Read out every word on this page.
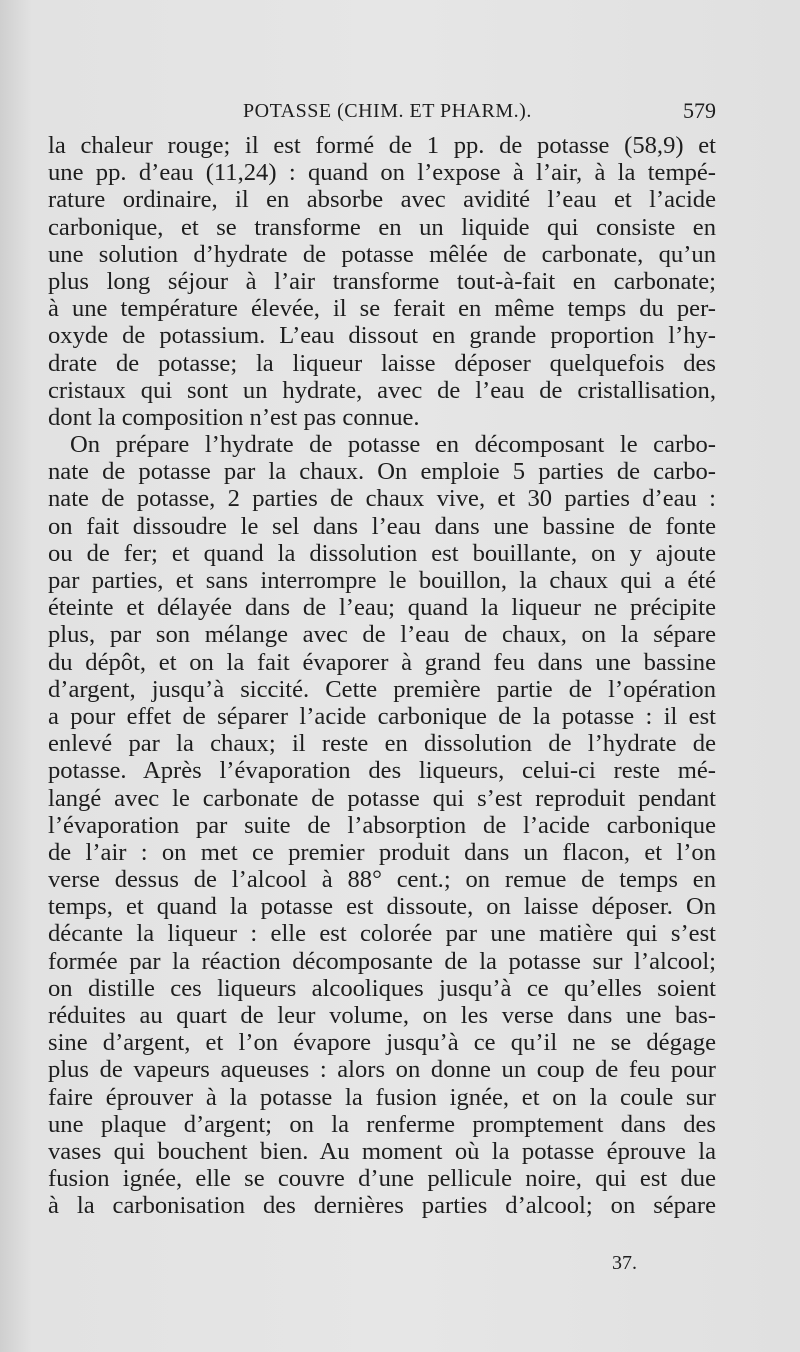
POTASSE (CHIM. ET PHARM.).	579
la chaleur rouge; il est formé de 1 pp. de potasse (58,9) et
une pp. d’eau (11,24) : quand on l’expose à l’air, à la tempé-
rature ordinaire, il en absorbe avec avidité l’eau et l’acide
carbonique, et se transforme en un liquide qui consiste en
une solution d’hydrate de potasse mêlée de carbonate, qu’un
plus long séjour à l’air transforme tout-à-fait en carbonate;
à une température élevée, il se ferait en même temps du per-
oxyde de potassium. L’eau dissout en grande proportion l’hy-
drate de potasse; la liqueur laisse déposer quelquefois des
cristaux qui sont un hydrate, avec de l’eau de cristallisation,
dont la composition n’est pas connue.
On prépare l’hydrate de potasse en décomposant le carbo-
nate de potasse par la chaux. On emploie 5 parties de carbo-
nate de potasse, 2 parties de chaux vive, et 30 parties d’eau :
on fait dissoudre le sel dans l’eau dans une bassine de fonte
ou de fer; et quand la dissolution est bouillante, on y ajoute
par parties, et sans interrompre le bouillon, la chaux qui a été
éteinte et délayée dans de l’eau; quand la liqueur ne précipite
plus, par son mélange avec de l’eau de chaux, on la sépare
du dépôt, et on la fait évaporer à grand feu dans une bassine
d’argent, jusqu’à siccité. Cette première partie de l’opération
a pour effet de séparer l’acide carbonique de la potasse : il est
enlevé par la chaux; il reste en dissolution de l’hydrate de
potasse. Après l’évaporation des liqueurs, celui-ci reste mé-
langé avec le carbonate de potasse qui s’est reproduit pendant
l’évaporation par suite de l’absorption de l’acide carbonique
de l’air : on met ce premier produit dans un flacon, et l’on
verse dessus de l’alcool à 88° cent.; on remue de temps en
temps, et quand la potasse est dissoute, on laisse déposer. On
décante la liqueur : elle est colorée par une matière qui s’est
formée par la réaction décomposante de la potasse sur l’alcool;
on distille ces liqueurs alcooliques jusqu’à ce qu’elles soient
réduites au quart de leur volume, on les verse dans une bas-
sine d’argent, et l’on évapore jusqu’à ce qu’il ne se dégage
plus de vapeurs aqueuses : alors on donne un coup de feu pour
faire éprouver à la potasse la fusion ignée, et on la coule sur
une plaque d’argent; on la renferme promptement dans des
vases qui bouchent bien. Au moment où la potasse éprouve la
fusion ignée, elle se couvre d’une pellicule noire, qui est due
à la carbonisation des dernières parties d’alcool; on sépare
37.
